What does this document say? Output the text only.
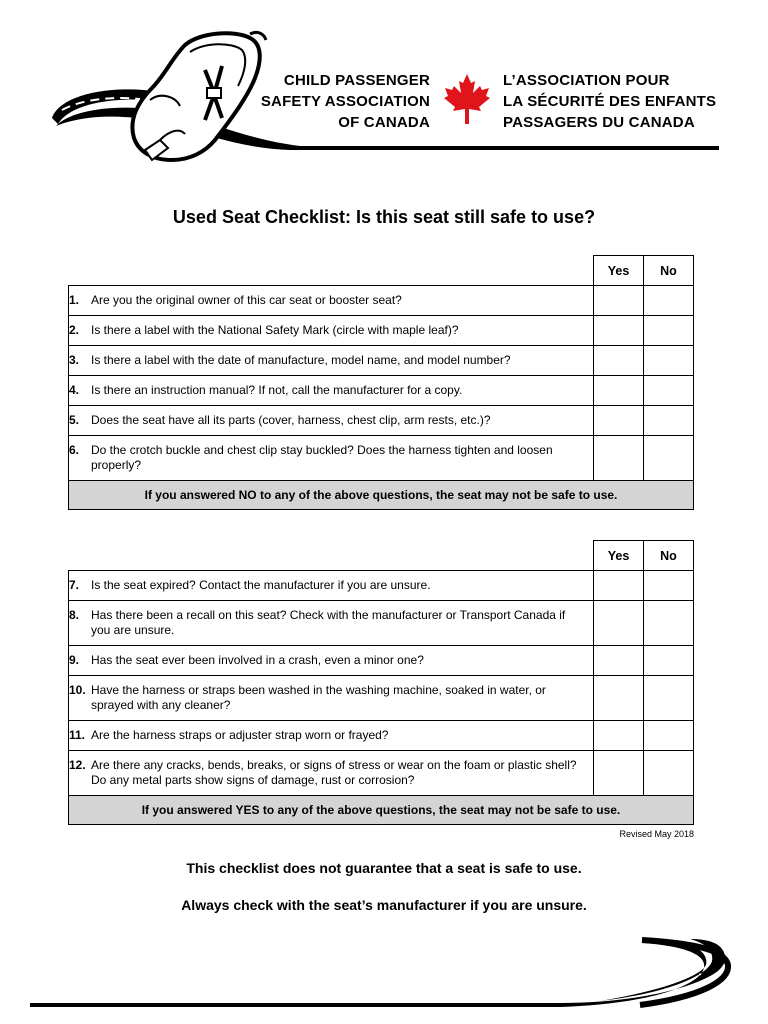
CHILD PASSENGER
SAFETY ASSOCIATION
OF CANADA
L’ASSOCIATION POUR
LA SÉCURITÉ DES ENFANTS
PASSAGERS DU CANADA
Used Seat Checklist: Is this seat still safe to use?
	Yes	No
1. Are you the original owner of this car seat or booster seat?		
2. Is there a label with the National Safety Mark (circle with maple leaf)?		
3. Is there a label with the date of manufacture, model name, and model number?		
4. Is there an instruction manual? If not, call the manufacturer for a copy.		
5. Does the seat have all its parts (cover, harness, chest clip, arm rests, etc.)?		
6. Do the crotch buckle and chest clip stay buckled? Does the harness tighten and loosen properly?		
If you answered NO to any of the above questions, the seat may not be safe to use.		
	Yes	No
7. Is the seat expired? Contact the manufacturer if you are unsure.		
8. Has there been a recall on this seat? Check with the manufacturer or Transport Canada if you are unsure.		
9. Has the seat ever been involved in a crash, even a minor one?		
10. Have the harness or straps been washed in the washing machine, soaked in water, or sprayed with any cleaner?		
11. Are the harness straps or adjuster strap worn or frayed?		
12. Are there any cracks, bends, breaks, or signs of stress or wear on the foam or plastic shell? Do any metal parts show signs of damage, rust or corrosion?		
If you answered YES to any of the above questions, the seat may not be safe to use.		
Revised May 2018
This checklist does not guarantee that a seat is safe to use.
Always check with the seat’s manufacturer if you are unsure.
